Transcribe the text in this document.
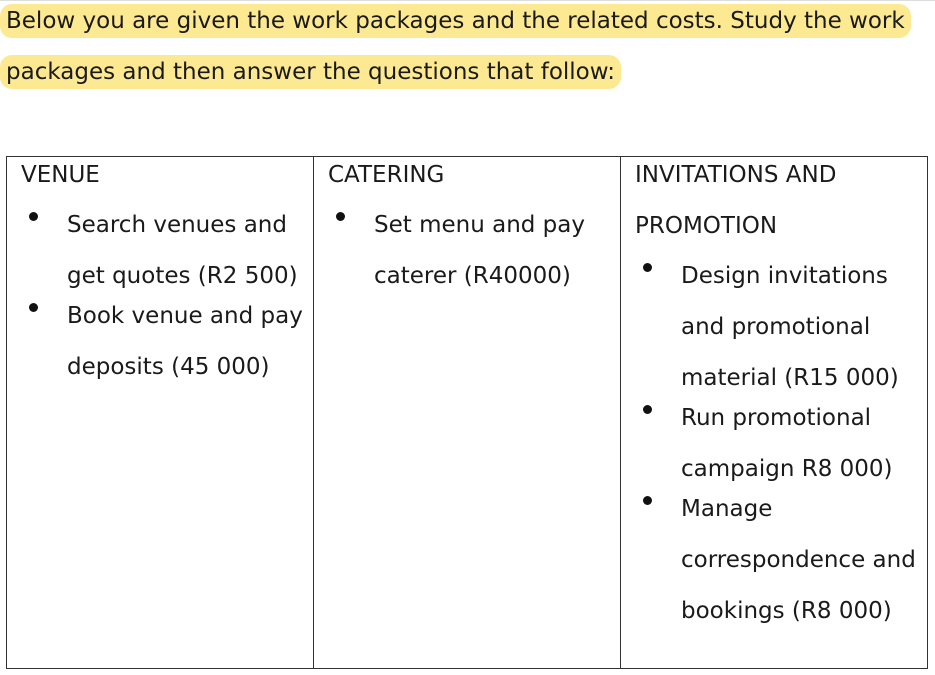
Below you are given the work packages and the related costs. Study the work
packages and then answer the questions that follow:
VENUE
Search venues and get quotes (R2 500)
Book venue and pay deposits (45 000)

CATERING
Set menu and pay caterer (R40000)

INVITATIONS AND
PROMOTION
Design invitations and promotional material (R15 000)
Run promotional campaign R8 000)
Manage correspondence and bookings (R8 000)
